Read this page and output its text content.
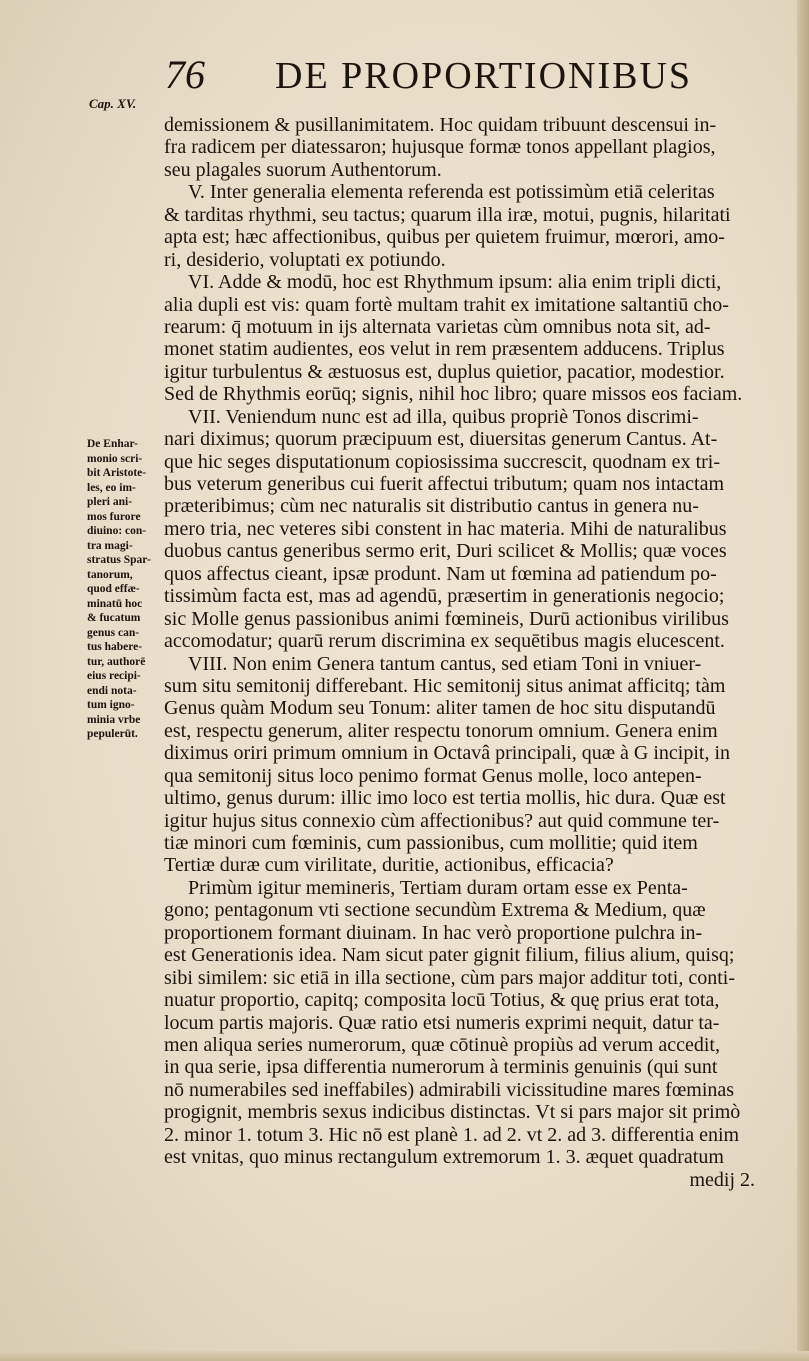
76 DE PROPORTIONIBUS
Cap. XV.
De Enhar-
monio scri-
bit Aristote-
les, eo im-
pleri ani-
mos furore
diuino: con-
tra magi-
stratus Spar-
tanorum,
quod effæ-
minatū hoc
& fucatum
genus can-
tus habere-
tur, authorē
eius recipi-
endi nota-
tum igno-
minia vrbe
pepulerūt.
demissionem & pusillanimitatem. Hoc quidam tribuunt descensui in-
fra radicem per diatessaron; hujusque formæ tonos appellant plagios,
seu plagales suorum Authentorum.
V. Inter generalia elementa referenda est potissimùm etiā celeritas
& tarditas rhythmi, seu tactus; quarum illa iræ, motui, pugnis, hilaritati
apta est; hæc affectionibus, quibus per quietem fruimur, mœrori, amo-
ri, desiderio, voluptati ex potiundo.
VI. Adde & modū, hoc est Rhythmum ipsum: alia enim tripli dicti,
alia dupli est vis: quam fortè multam trahit ex imitatione saltantiū cho-
rearum: q̄ motuum in ijs alternata varietas cùm omnibus nota sit, ad-
monet statim audientes, eos velut in rem præsentem adducens. Triplus
igitur turbulentus & æstuosus est, duplus quietior, pacatior, modestior.
Sed de Rhythmis eorūq; signis, nihil hoc libro; quare missos eos faciam.
VII. Veniendum nunc est ad illa, quibus propriè Tonos discrimi-
nari diximus; quorum præcipuum est, diuersitas generum Cantus. At-
que hic seges disputationum copiosissima succrescit, quodnam ex tri-
bus veterum generibus cui fuerit affectui tributum; quam nos intactam
præteribimus; cùm nec naturalis sit distributio cantus in genera nu-
mero tria, nec veteres sibi constent in hac materia. Mihi de naturalibus
duobus cantus generibus sermo erit, Duri scilicet & Mollis; quæ voces
quos affectus cieant, ipsæ produnt. Nam ut fœmina ad patiendum po-
tissimùm facta est, mas ad agendū, præsertim in generationis negocio;
sic Molle genus passionibus animi fœmineis, Durū actionibus virilibus
accomodatur; quarū rerum discrimina ex sequētibus magis elucescent.
VIII. Non enim Genera tantum cantus, sed etiam Toni in vniuer-
sum situ semitonij differebant. Hic semitonij situs animat afficitq; tàm
Genus quàm Modum seu Tonum: aliter tamen de hoc situ disputandū
est, respectu generum, aliter respectu tonorum omnium. Genera enim
diximus oriri primum omnium in Octavâ principali, quæ à G incipit, in
qua semitonij situs loco penimo format Genus molle, loco antepen-
ultimo, genus durum: illic imo loco est tertia mollis, hic dura. Quæ est
igitur hujus situs connexio cùm affectionibus? aut quid commune ter-
tiæ minori cum fœminis, cum passionibus, cum mollitie; quid item
Tertiæ duræ cum virilitate, duritie, actionibus, efficacia?
Primùm igitur memineris, Tertiam duram ortam esse ex Penta-
gono; pentagonum vti sectione secundùm Extrema & Medium, quæ
proportionem formant diuinam. In hac verò proportione pulchra in-
est Generationis idea. Nam sicut pater gignit filium, filius alium, quisq;
sibi similem: sic etiā in illa sectione, cùm pars major additur toti, conti-
nuatur proportio, capitq; composita locū Totius, & quę prius erat tota,
locum partis majoris. Quæ ratio etsi numeris exprimi nequit, datur ta-
men aliqua series numerorum, quæ cōtinuè propiùs ad verum accedit,
in qua serie, ipsa differentia numerorum à terminis genuinis (qui sunt
nō numerabiles sed ineffabiles) admirabili vicissitudine mares fœminas
progignit, membris sexus indicibus distinctas. Vt si pars major sit primò
2. minor 1. totum 3. Hic nō est planè 1. ad 2. vt 2. ad 3. differentia enim
est vnitas, quo minus rectangulum extremorum 1. 3. æquet quadratum
medij 2.
